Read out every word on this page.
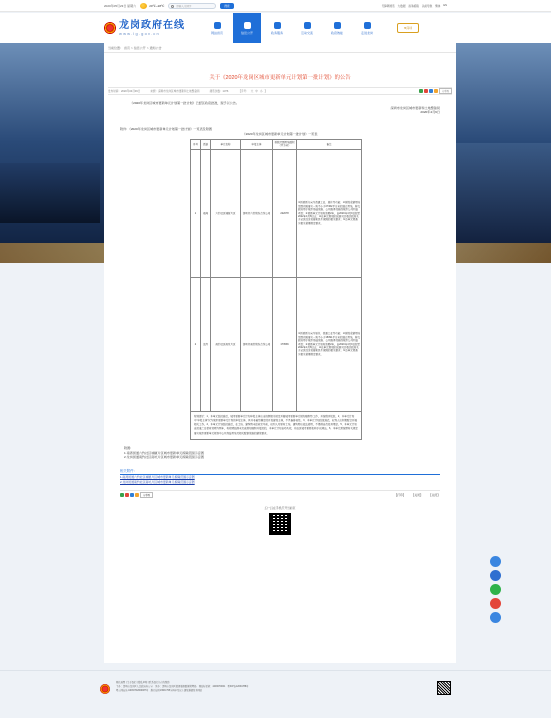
2020年05月23日 星期六	20℃~28℃	请输入关键字	搜索	无障碍浏览 大数据 政务邮箱 以前导航 繁体 EN
龙岗政府在线
www.lg.gov.cn	网站首页	信息公开	政务服务	互动交流	政府效能	走进龙岗
I♥深圳
当前位置： 首页 > 信息公开 > 通知公告
关于《2020年龙岗区城市更新单元计划第一批计划》的公告
发布时间：2020年04月09日	来源：深圳市龙岗区城市更新和土地整备局	浏览次数：1376	【字号： 大 中 小 】	分享到

《2020年龙岗区城市更新单元计划第一批计划》已经区政府批准，现予以公告。

深圳市龙岗区城市更新和土地整备局

2020年4月9日

附件：《2020年龙岗区城市更新单元计划第一批计划》一览表及附图

《2020年龙岗区城市更新单元计划第一批计划》一览表

序号	街道	单元名称	申报主体	拆除范围用地面积（平方米）	备注
1	南湾	六约社区埔厦片区	深圳市六约股份合作公司	222078	①拟更新方向为普通工业、居住等功能；②拆除重建用地范围内需落实一块不小于27462平方米的独立用地，移交政府用于城市基础设施、公共服务设施或城市公共利益项目；③更新单元计划有效期2年，自2020年4月9日起至2022年4月8日止；④在单元规划阶段落实区委区政府关于全区经济发展和民生保障的相关要求；⑤该单元须落实相关管理规定要求。
2	龙岗	南约社区南坑片区	深圳市南约股份合作公司	173536	①拟更新方向为居住、普通工业等功能；②拆除重建用地范围内需落实一块不小于18391平方米的独立用地，移交政府用于城市基础设施、公共服务设施或城市公共利益项目；③更新单元计划有效期2年，自2020年4月9日起至2022年4月8日止；④在单元规划阶段落实区委区政府关于全区经济发展和民生保障的相关要求；⑤该单元须落实相关管理规定要求。
特别提示：1、本单元经批准后，城市更新单元计划申报主体应当按照相关规定开展城市更新单元规划编制等工作，并按程序报批。2、本单元计划中“申报主体”仅为城市更新单元计划的申报主体，其并非最终确定的开发建设主体，不具备排他性。3、本单元计划经批准后，权利人应积极配合开展相关工作。4、本单元计划经批准后，在土地、建筑物未征收完毕前，权利人对原有土地、建筑物应依法使用，不得擅自改变其用途。5、本单元计划自批准之日起有效期为两年，有效期届满未完成规划编制并报批的，本单元计划自动失效，并由区城市更新机构予以调出。6、本单元须按照有关规定落实城市更新单元规划中公共利益用地及相关配套设施的建设要求。					

附图：

1.南湾街道六约社区埔厦片区城市更新单元拆除范围示意图

2.龙岗街道南约社区南坑片区城市更新单元拆除范围示意图

相关附件：
1.南湾街道六约社区埔厦片区城市更新单元拆除范围示意图
2.龙岗街道南约社区南坑片区城市更新单元拆除范围示意图
分享到	【打印】 【关闭】 【关闭】
扫一扫在手机打开当前页

网站地图 | 关于我们 | 隐私声明 | 联系我们 | 在线帮助

主办：深圳市龙岗区人民政府办公室　承办：深圳市龙岗区政务服务数据管理局　网站标识码：4403070001　粤ICP备12064788号

粤公网安备 44030702000087号　推荐使用1366×768分辨率及以上浏览器浏览本网站
